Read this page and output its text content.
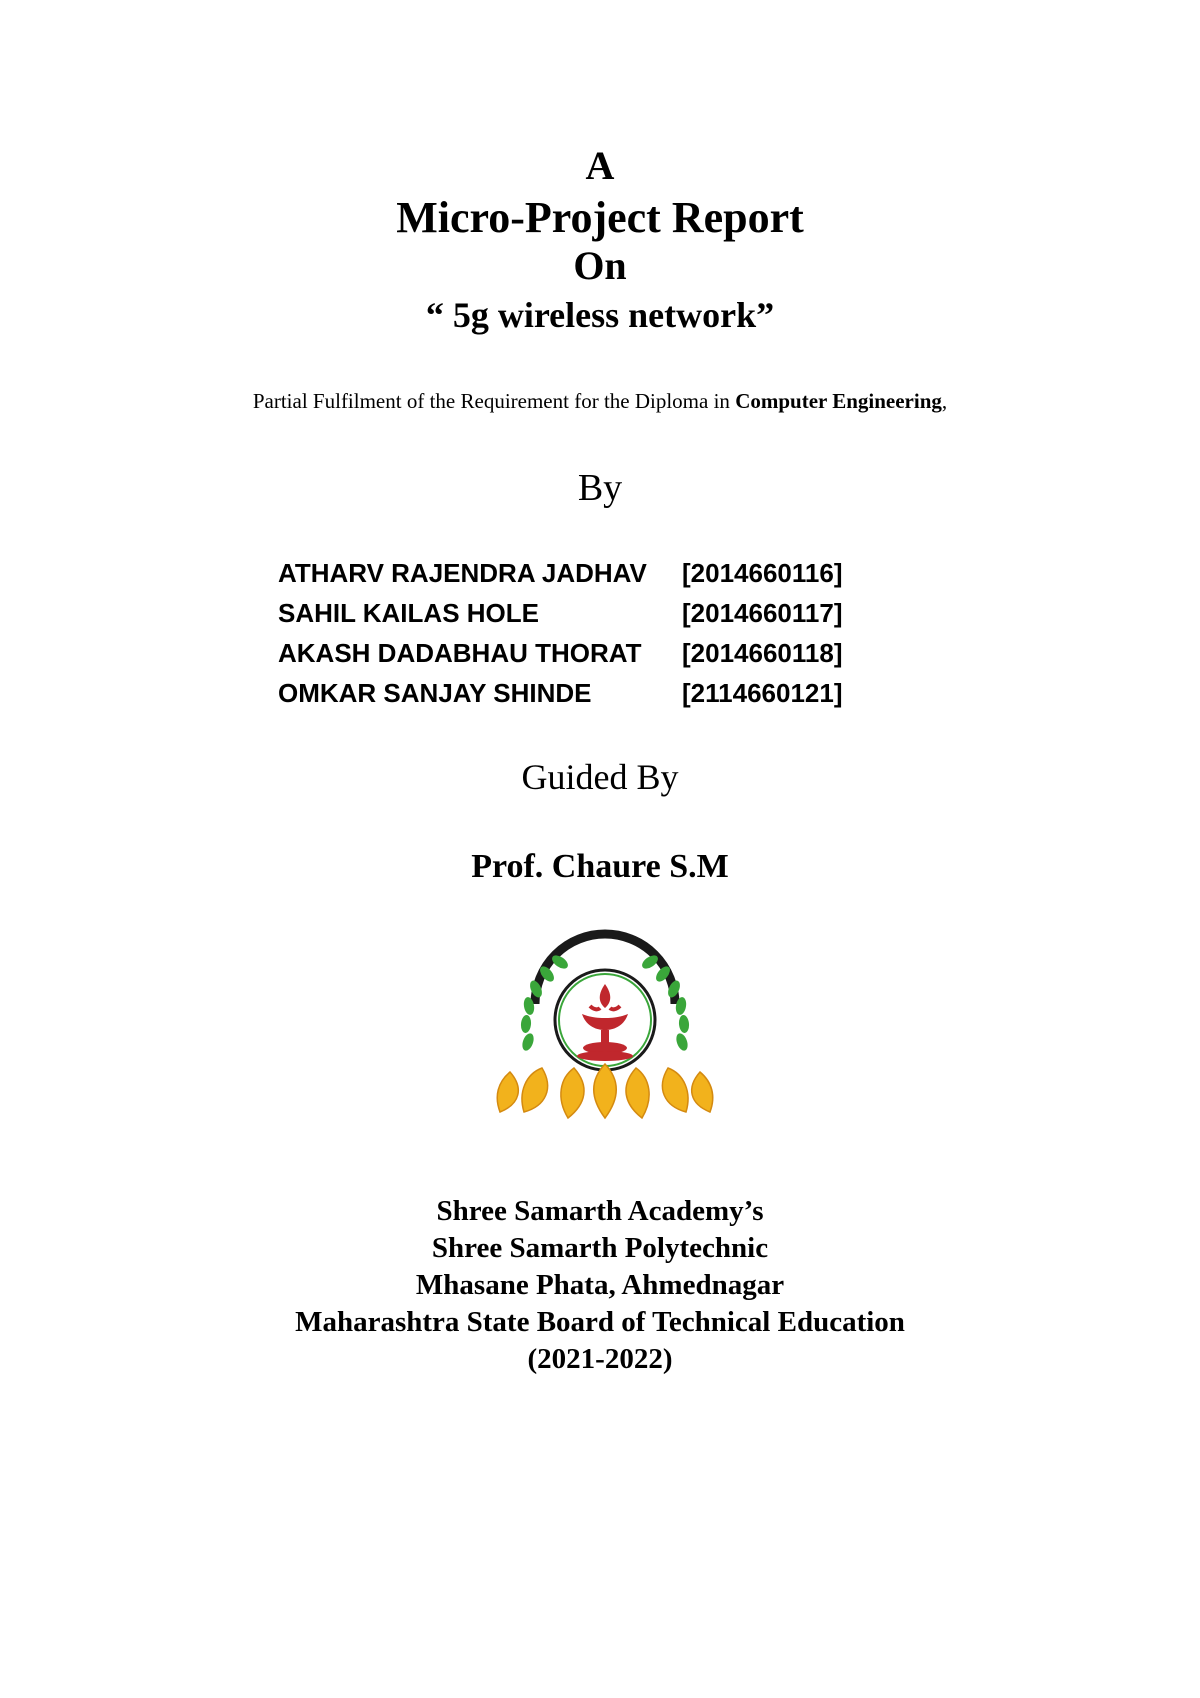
A
Micro-Project Report
On
“ 5g wireless network”
Partial Fulfilment of the Requirement for the Diploma in Computer Engineering,
By
ATHARV RAJENDRA JADHAV [2014660116]
SAHIL KAILAS HOLE	[2014660117]
AKASH DADABHAU THORAT [2014660118]
OMKAR SANJAY SHINDE	[2114660121]
Guided By
Prof. Chaure S.M
Shree Samarth Academy’s
Shree Samarth Polytechnic
Mhasane Phata, Ahmednagar
Maharashtra State Board of Technical Education
(2021-2022)
